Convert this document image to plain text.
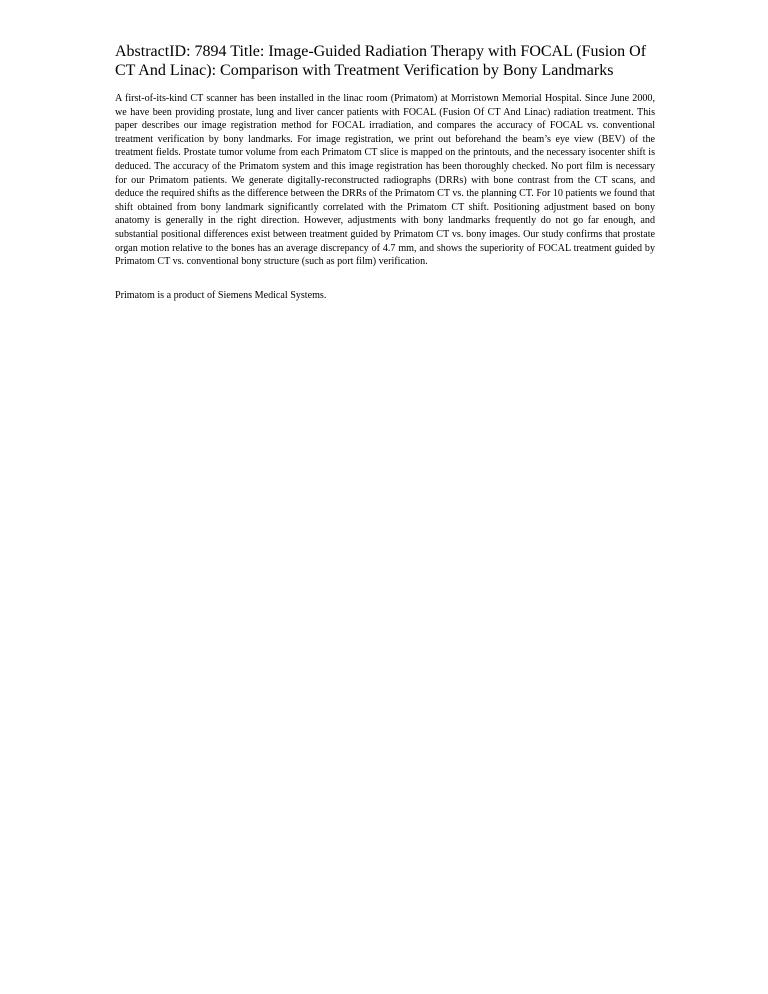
AbstractID: 7894 Title: Image-Guided Radiation Therapy with FOCAL (Fusion Of CT And Linac): Comparison with Treatment Verification by Bony Landmarks

A first-of-its-kind CT scanner has been installed in the linac room (Primatom) at Morristown Memorial Hospital. Since June 2000, we have been providing prostate, lung and liver cancer patients with FOCAL (Fusion Of CT And Linac) radiation treatment. This paper describes our image registration method for FOCAL irradiation, and compares the accuracy of FOCAL vs. conventional treatment verification by bony landmarks. For image registration, we print out beforehand the beam’s eye view (BEV) of the treatment fields. Prostate tumor volume from each Primatom CT slice is mapped on the printouts, and the necessary isocenter shift is deduced. The accuracy of the Primatom system and this image registration has been thoroughly checked. No port film is necessary for our Primatom patients. We generate digitally-reconstructed radiographs (DRRs) with bone contrast from the CT scans, and deduce the required shifts as the difference between the DRRs of the Primatom CT vs. the planning CT. For 10 patients we found that shift obtained from bony landmark significantly correlated with the Primatom CT shift. Positioning adjustment based on bony anatomy is generally in the right direction. However, adjustments with bony landmarks frequently do not go far enough, and substantial positional differences exist between treatment guided by Primatom CT vs. bony images. Our study confirms that prostate organ motion relative to the bones has an average discrepancy of 4.7 mm, and shows the superiority of FOCAL treatment guided by Primatom CT vs. conventional bony structure (such as port film) verification.

Primatom is a product of Siemens Medical Systems.
